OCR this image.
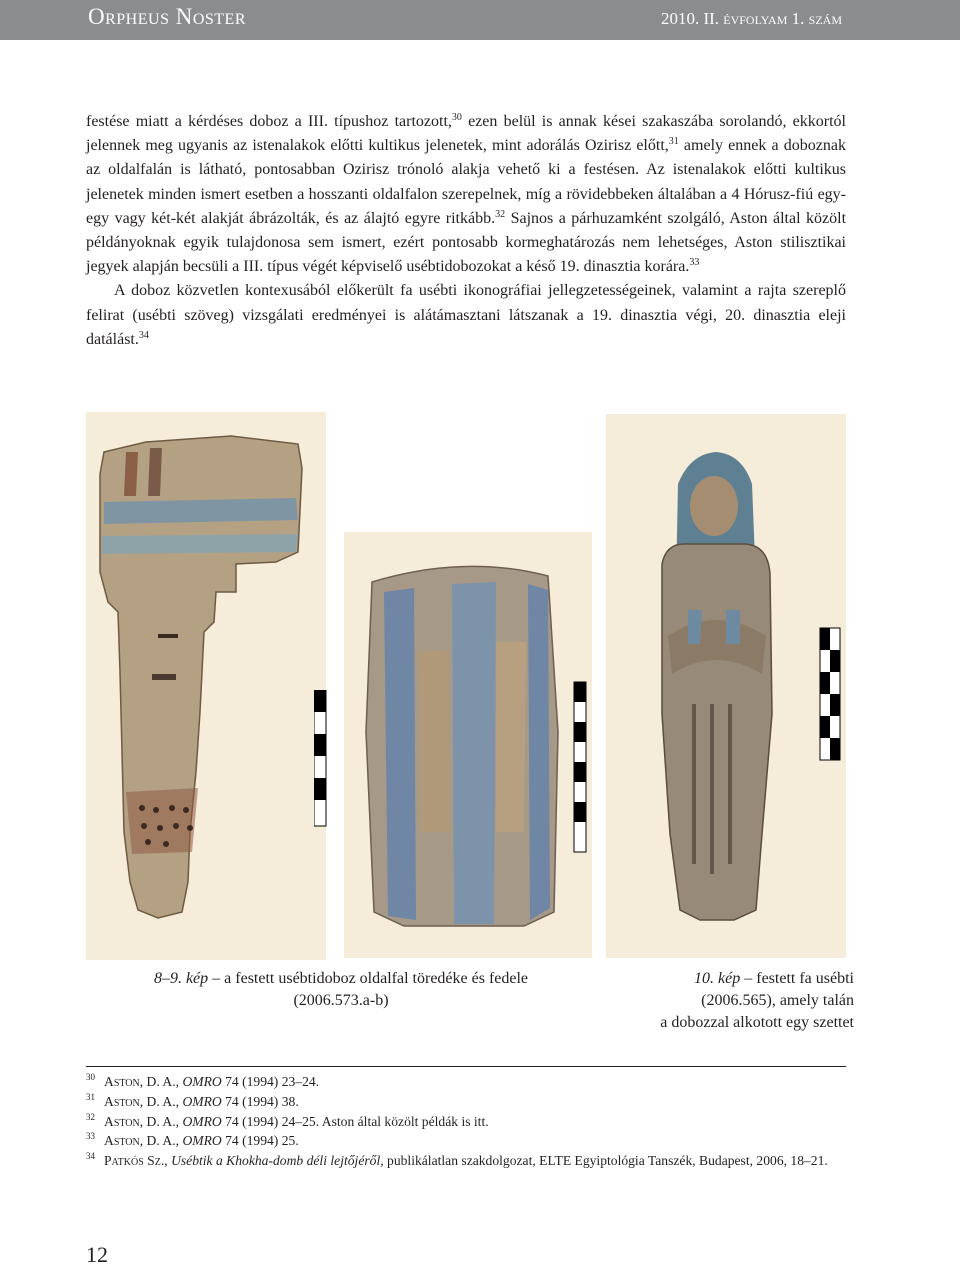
Orpheus Noster	2010. II. évfolyam 1. szám

festése miatt a kérdéses doboz a III. típushoz tartozott,$^{30}$ ezen belül is annak kései szakaszába sorolandó, ekkortól jelennek meg ugyanis az istenalakok előtti kultikus jelenetek, mint adorálás Ozirisz előtt,$^{31}$ amely ennek a doboznak az oldalfalán is látható, pontosabban Ozirisz trónoló alakja vehető ki a festésen. Az istenalakok előtti kultikus jelenetek minden ismert esetben a hosszanti oldalfalon szerepelnek, míg a rövidebbeken általában a 4 Hórusz-fiú egy-egy vagy két-két alakját ábrázolták, és az álajtó egyre ritkább.$^{32}$ Sajnos a párhuzamként szolgáló, Aston által közölt példányoknak egyik tulajdonosa sem ismert, ezért pontosabb kormeghatározás nem lehetséges, Aston stilisztikai jegyek alapján becsüli a III. típus végét képviselő usébtidobozokat a késő 19. dinasztia korára.$^{33}$

A doboz közvetlen kontexusából előkerült fa usébti ikonográfiai jellegzetességeinek, valamint a rajta szereplő felirat (usébti szöveg) vizsgálati eredményei is alátámasztani látszanak a 19. dinasztia végi, 20. dinasztia eleji datálást.$^{34}$

8–9. kép – a festett usébtidoboz oldalfal töredéke és fedele
(2006.573.a-b)
10. kép – festett fa usébti
(2006.565), amely talán
a dobozzal alkotott egy szettet
30 Aston, D. A., OMRO 74 (1994) 23–24.
31 Aston, D. A., OMRO 74 (1994) 38.
32 Aston, D. A., OMRO 74 (1994) 24–25. Aston által közölt példák is itt.
33 Aston, D. A., OMRO 74 (1994) 25.
34 Patkós Sz., Usébtik a Khokha-domb déli lejtőjéről, publikálatlan szakdolgozat, ELTE Egyiptológia Tanszék, Budapest, 2006, 18–21.
12
